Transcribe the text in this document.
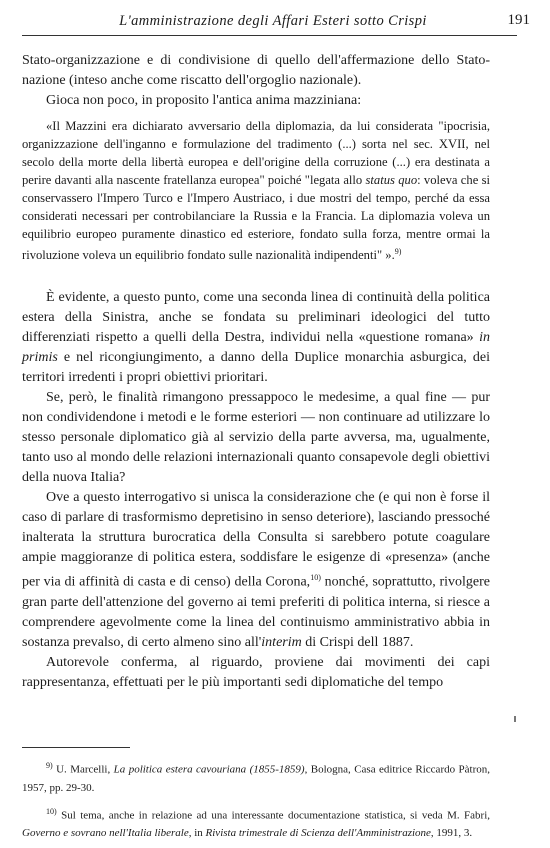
L'amministrazione degli Affari Esteri sotto Crispi	191

Stato-organizzazione e di condivisione di quello dell'affermazione dello Stato-nazione (inteso anche come riscatto dell'orgoglio nazionale).

Gioca non poco, in proposito l'antica anima mazziniana:

«Il Mazzini era dichiarato avversario della diplomazia, da lui considerata "ipocrisia, organizzazione dell'inganno e formulazione del tradimento (...) sorta nel sec. XVII, nel secolo della morte della libertà europea e dell'origine della corruzione (...) era destinata a perire davanti alla nascente fratellanza europea" poiché "legata allo status quo: voleva che si conservassero l'Impero Turco e l'Impero Austriaco, i due mostri del tempo, perché da essa considerati necessari per controbilanciare la Russia e la Francia. La diplomazia voleva un equilibrio europeo puramente dinastico ed esteriore, fondato sulla forza, mentre ormai la rivoluzione voleva un equilibrio fondato sulle nazionalità indipendenti" ».$^{9)}$

È evidente, a questo punto, come una seconda linea di continuità della politica estera della Sinistra, anche se fondata su preliminari ideologici del tutto differenziati rispetto a quelli della Destra, individui nella «questione romana» in primis e nel ricongiungimento, a danno della Duplice monarchia asburgica, dei territori irredenti i propri obiettivi prioritari.

Se, però, le finalità rimangono pressappoco le medesime, a qual fine — pur non condividendone i metodi e le forme esteriori — non continuare ad utilizzare lo stesso personale diplomatico già al servizio della parte avversa, ma, ugualmente, tanto uso al mondo delle relazioni internazionali quanto consapevole degli obiettivi della nuova Italia?

Ove a questo interrogativo si unisca la considerazione che (e qui non è forse il caso di parlare di trasformismo depretisino in senso deteriore), lasciando pressoché inalterata la struttura burocratica della Consulta si sarebbero potute coagulare ampie maggioranze di politica estera, soddisfare le esigenze di «presenza» (anche per via di affinità di casta e di censo) della Corona,$^{10)}$ nonché, soprattutto, rivolgere gran parte dell'attenzione del governo ai temi preferiti di politica interna, si riesce a comprendere agevolmente come la linea del continuismo amministrativo abbia in sostanza prevalso, di certo almeno sino all'interim di Crispi dell 1887.

Autorevole conferma, al riguardo, proviene dai movimenti dei capi rappresentanza, effettuati per le più importanti sedi diplomatiche del tempo

$^{9)}$ U. Marcelli, La politica estera cavouriana (1855-1859), Bologna, Casa editrice Riccardo Pàtron, 1957, pp. 29-30.

$^{10)}$ Sul tema, anche in relazione ad una interessante documentazione statistica, si veda M. Fabri, Governo e sovrano nell'Italia liberale, in Rivista trimestrale di Scienza dell'Amministrazione, 1991, 3.
